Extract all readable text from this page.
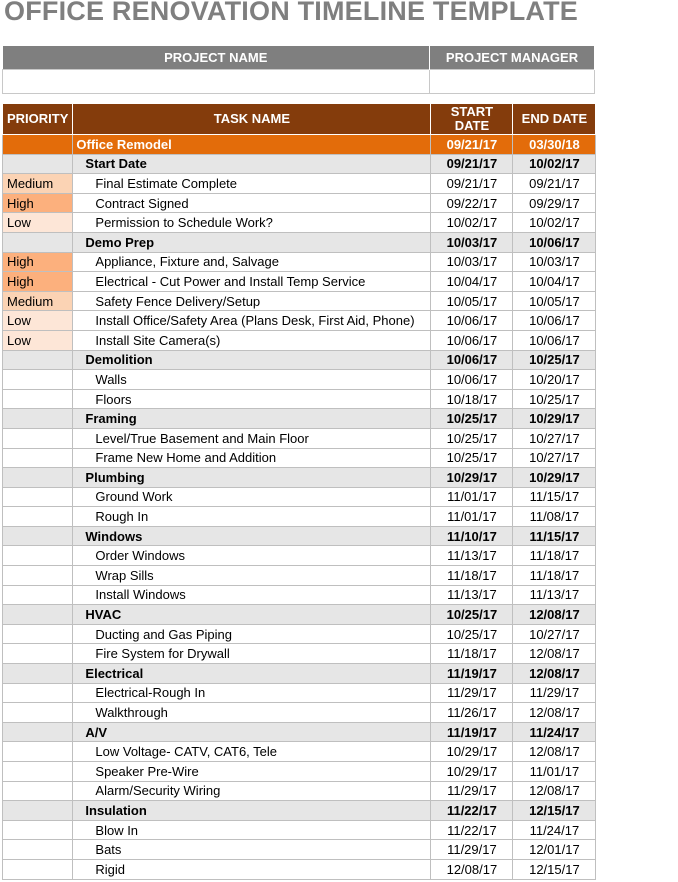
OFFICE RENOVATION TIMELINE TEMPLATE
PROJECT NAME	PROJECT MANAGER

PRIORITY	TASK NAME	START DATE	END DATE
	Office Remodel	09/21/17	03/30/18
	Start Date	09/21/17	10/02/17
Medium	Final Estimate Complete	09/21/17	09/21/17
High	Contract Signed	09/22/17	09/29/17
Low	Permission to Schedule Work?	10/02/17	10/02/17
	Demo Prep	10/03/17	10/06/17
High	Appliance, Fixture and, Salvage	10/03/17	10/03/17
High	Electrical - Cut Power and Install Temp Service	10/04/17	10/04/17
Medium	Safety Fence Delivery/Setup	10/05/17	10/05/17
Low	Install Office/Safety Area (Plans Desk, First Aid, Phone)	10/06/17	10/06/17
Low	Install Site Camera(s)	10/06/17	10/06/17
	Demolition	10/06/17	10/25/17
	Walls	10/06/17	10/20/17
	Floors	10/18/17	10/25/17
	Framing	10/25/17	10/29/17
	Level/True Basement and Main Floor	10/25/17	10/27/17
	Frame New Home and Addition	10/25/17	10/27/17
	Plumbing	10/29/17	10/29/17
	Ground Work	11/01/17	11/15/17
	Rough In	11/01/17	11/08/17
	Windows	11/10/17	11/15/17
	Order Windows	11/13/17	11/18/17
	Wrap Sills	11/18/17	11/18/17
	Install Windows	11/13/17	11/13/17
	HVAC	10/25/17	12/08/17
	Ducting and Gas Piping	10/25/17	10/27/17
	Fire System for Drywall	11/18/17	12/08/17
	Electrical	11/19/17	12/08/17
	Electrical-Rough In	11/29/17	11/29/17
	Walkthrough	11/26/17	12/08/17
	A/V	11/19/17	11/24/17
	Low Voltage- CATV, CAT6, Tele	10/29/17	12/08/17
	Speaker Pre-Wire	10/29/17	11/01/17
	Alarm/Security Wiring	11/29/17	12/08/17
	Insulation	11/22/17	12/15/17
	Blow In	11/22/17	11/24/17
	Bats	11/29/17	12/01/17
	Rigid	12/08/17	12/15/17
